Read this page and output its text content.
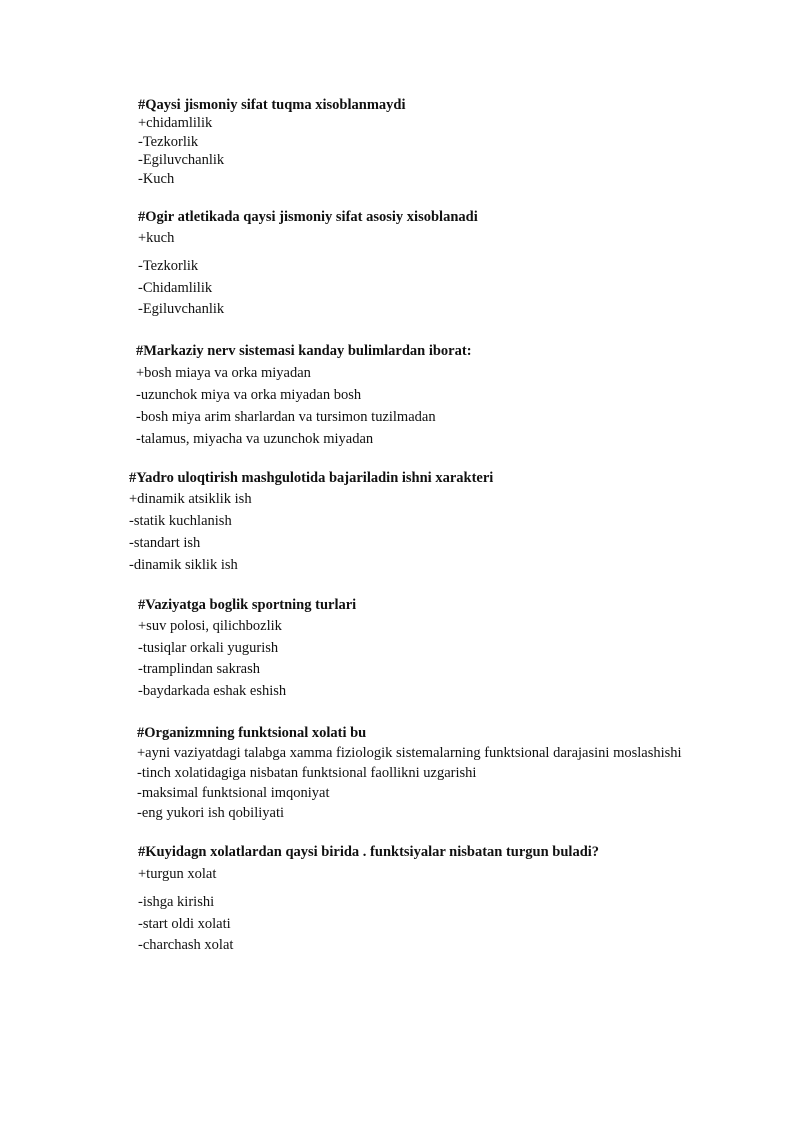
#Qaysi jismoniy sifat tuqma xisoblanmaydi
+chidamlilik
-Tezkorlik
-Egiluvchanlik
-Kuch
#Ogir atletikada qaysi jismoniy sifat asosiy xisoblanadi
+kuch
-Tezkorlik
-Chidamlilik
-Egiluvchanlik
#Markaziy nerv sistemasi kanday bulimlardan iborat:
+bosh miaya va orka miyadan
-uzunchok miya va orka miyadan bosh
-bosh miya arim sharlardan va tursimon tuzilmadan
-talamus, miyacha va uzunchok miyadan
#Yadro uloqtirish mashgulotida bajariladin ishni xarakteri
+dinamik atsiklik ish
-statik kuchlanish
-standart ish
-dinamik siklik ish
#Vaziyatga boglik sportning turlari
+suv polosi, qilichbozlik
-tusiqlar orkali yugurish
-tramplindan sakrash
-baydarkada eshak eshish
#Organizmning funktsional xolati bu
+ayni vaziyatdagi talabga xamma fiziologik sistemalarning funktsional darajasini moslashishi
-tinch xolatidagiga nisbatan funktsional faollikni uzgarishi
-maksimal funktsional imqoniyat
-eng yukori ish qobiliyati
#Kuyidagn xolatlardan qaysi birida . funktsiyalar nisbatan turgun buladi?
+turgun xolat
-ishga kirishi
-start oldi xolati
-charchash xolat
